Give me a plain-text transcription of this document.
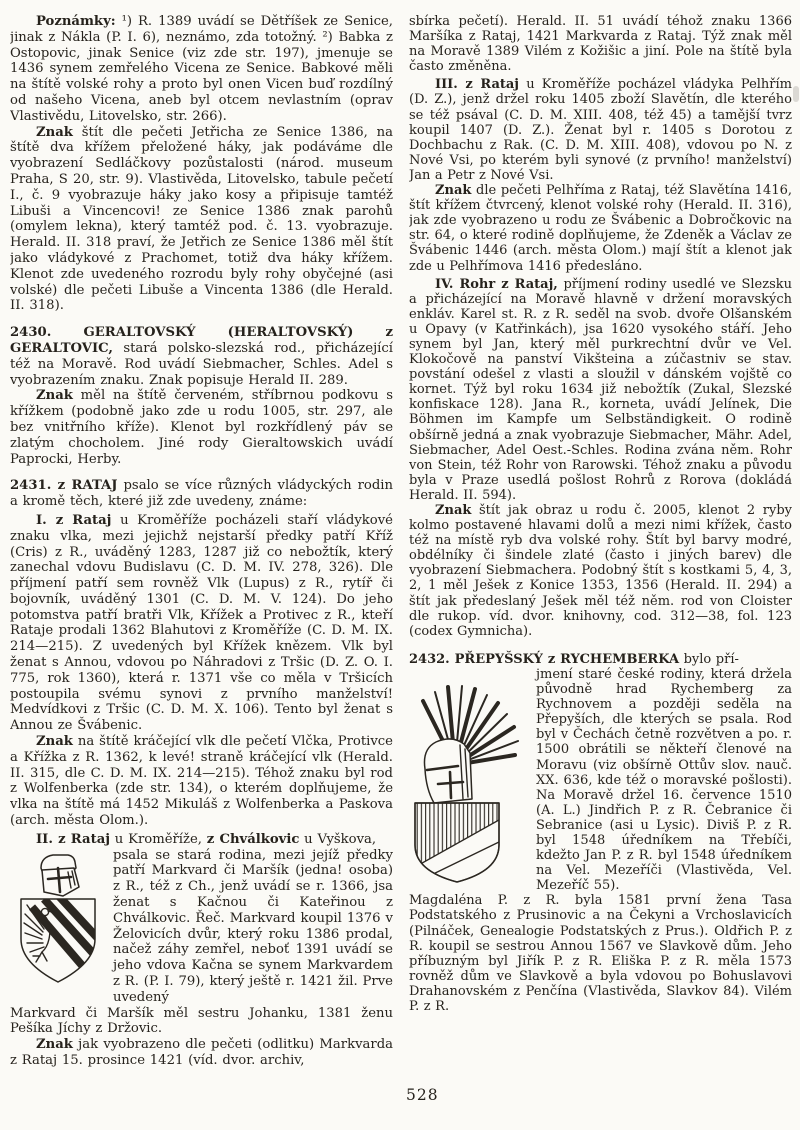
Poznámky: ¹) R. 1389 uvádí se Dětříšek ze Senice, jinak z Nákla (P. I. 6), neznámo, zda totožný. ²) Babka z Ostopovic, jinak Senice (viz zde str. 197), jmenuje se 1436 synem zemřelého Vicena ze Senice. Babkové měli na štítě volské rohy a proto byl onen Vicen buď rozdílný od našeho Vicena, aneb byl otcem nevlastním (oprav Vlastivědu, Litovelsko, str. 266).

Znak štít dle pečeti Jetřicha ze Senice 1386, na štítě dva křížem přeložené háky, jak podáváme dle vyobrazení Sedláčkovy pozůstalosti (národ. museum Praha, S 20, str. 9). Vlastivěda, Litovelsko, tabule pečetí I., č. 9 vyobrazuje háky jako kosy a připisuje tamtéž Libuši a Vincencovi! ze Senice 1386 znak parohů (omylem lekna), který tamtéž pod. č. 13. vyobrazuje. Herald. II. 318 praví, že Jetřich ze Senice 1386 měl štít jako vládykové z Prachomet, totiž dva háky křížem. Klenot zde uvedeného rozrodu byly rohy obyčejné (asi volské) dle pečeti Libuše a Vincenta 1386 (dle Herald. II. 318).

2430. GERALTOVSKÝ (HERALTOVSKÝ) z GERALTOVIC, stará polsko-slezská rod., přicházející též na Moravě. Rod uvádí Siebmacher, Schles. Adel s vyobrazením znaku. Znak popisuje Herald II. 289.

Znak měl na štítě červeném, stříbrnou podkovu s křížkem (podobně jako zde u rodu 1005, str. 297, ale bez vnitřního kříže). Klenot byl rozkřídlený páv se zlatým chocholem. Jiné rody Gieraltowskich uvádí Paprocki, Herby.

2431. z RATAJ psalo se více různých vládyckých rodin a kromě těch, které již zde uvedeny, známe:

I. z Rataj u Kroměříže pocházeli staří vládykové znaku vlka, mezi jejichž nejstarší předky patří Kříž (Cris) z R., uváděný 1283, 1287 již co nebožtík, který zanechal vdovu Budislavu (C. D. M. IV. 278, 326). Dle příjmení patří sem rovněž Vlk (Lupus) z R., rytíř či bojovník, uváděný 1301 (C. D. M. V. 124). Do jeho potomstva patří bratři Vlk, Křížek a Protivec z R., kteří Rataje prodali 1362 Blahutovi z Kroměříže (C. D. M. IX. 214—215). Z uvedených byl Křížek knězem. Vlk byl ženat s Annou, vdovou po Náhradovi z Tršic (D. Z. O. I. 775, rok 1360), která r. 1371 vše co měla v Tršicích postoupila svému synovi z prvního manželství! Medvídkovi z Tršic (C. D. M. X. 106). Tento byl ženat s Annou ze Švábenic.

Znak na štítě kráčející vlk dle pečetí Vlčka, Protivce a Křížka z R. 1362, k levé! straně kráčející vlk (Herald. II. 315, dle C. D. M. IX. 214—215). Téhož znaku byl rod z Wolfenberka (zde str. 134), o kterém doplňujeme, že vlka na štítě má 1452 Mikuláš z Wolfenberka a Paskova (arch. města Olom.).

II. z Rataj u Kroměříže, z Chválkovic u Vyškova,

psala se stará rodina, mezi jejíž předky patří Markvard či Maršík (jedna! osoba) z R., též z Ch., jenž uvádí se r. 1366, jsa ženat s Kačnou či Kateřinou z Chválkovic. Řeč. Markvard koupil 1376 v Želovicích dvůr, který roku 1386 prodal, načež záhy zemřel, neboť 1391 uvádí se jeho vdova Kačna se synem Markvardem z R. (P. I. 79), který ještě r. 1421 žil. Prve uvedený

Markvard či Maršík měl sestru Johanku, 1381 ženu Pešíka Jíchy z Držovic.

Znak jak vyobrazeno dle pečeti (odlitku) Markvarda z Rataj 15. prosince 1421 (víd. dvor. archiv,

sbírka pečetí). Herald. II. 51 uvádí téhož znaku 1366 Maršíka z Rataj, 1421 Markvarda z Rataj. Týž znak měl na Moravě 1389 Vilém z Kožišic a jiní. Pole na štítě byla často změněna.

III. z Rataj u Kroměříže pocházel vládyka Pelhřím (D. Z.), jenž držel roku 1405 zboží Slavětín, dle kterého se též psával (C. D. M. XIII. 408, též 45) a tamější tvrz koupil 1407 (D. Z.). Ženat byl r. 1405 s Dorotou z Dochbachu z Rak. (C. D. M. XIII. 408), vdovou po N. z Nové Vsi, po kterém byli synové (z prvního! manželství) Jan a Petr z Nové Vsi.

Znak dle pečeti Pelhříma z Rataj, též Slavětína 1416, štít křížem čtvrcený, klenot volské rohy (Herald. II. 316), jak zde vyobrazeno u rodu ze Švábenic a Dobročkovic na str. 64, o které rodině doplňujeme, že Zdeněk a Václav ze Švábenic 1446 (arch. města Olom.) mají štít a klenot jak zde u Pelhřímova 1416 předesláno.

IV. Rohr z Rataj, příjmení rodiny usedlé ve Slezsku a přicházející na Moravě hlavně v držení moravských enkláv. Karel st. R. z R. seděl na svob. dvoře Olšanském u Opavy (v Katřinkách), jsa 1620 vysokého stáří. Jeho synem byl Jan, který měl purkrechtní dvůr ve Vel. Klokočově na panství Vikšteina a zúčastniv se stav. povstání odešel z vlasti a sloužil v dánském vojště co kornet. Týž byl roku 1634 již nebožtík (Zukal, Slezské konfiskace 128). Jana R., korneta, uvádí Jelínek, Die Böhmen im Kampfe um Selbständigkeit. O rodině obšírně jedná a znak vyobrazuje Siebmacher, Mähr. Adel, Siebmacher, Adel Oest.-Schles. Rodina zvána něm. Rohr von Stein, též Rohr von Rarowski. Téhož znaku a původu byla v Praze usedlá pošlost Rohrů z Rorova (dokládá Herald. II. 594).

Znak štít jak obraz u rodu č. 2005, klenot 2 ryby kolmo postavené hlavami dolů a mezi nimi křížek, často též na místě ryb dva volské rohy. Štít byl barvy modré, obdélníky či šindele zlaté (často i jiných barev) dle vyobrazení Siebmachera. Podobný štít s kostkami 5, 4, 3, 2, 1 měl Ješek z Konice 1353, 1356 (Herald. II. 294) a štít jak předeslaný Ješek měl též něm. rod von Cloister dle rukop. víd. dvor. knihovny, cod. 312—38, fol. 123 (codex Gymnicha).

2432. PŘEPYŠSKÝ z RYCHEMBERKA bylo pří-

jmení staré české rodiny, která držela původně hrad Rychemberg za Rychnovem a později seděla na Přepyších, dle kterých se psala. Rod byl v Čechách četně rozvětven a po. r. 1500 obrátili se někteří členové na Moravu (viz obšírně Ottův slov. nauč. XX. 636, kde též o moravské pošlosti). Na Moravě držel 16. července 1510 (A. L.) Jindřich P. z R. Čebranice či Sebranice (asi u Lysic). Diviš P. z R. byl 1548 úředníkem na Třebíči, kdežto Jan P. z R. byl 1548 úředníkem na Vel. Mezeříči (Vlastivěda, Vel. Mezeříč 55).

Magdaléna P. z R. byla 1581 první žena Tasa Podstatského z Prusinovic a na Čekyni a Vrchoslavicích (Pilnáček, Genealogie Podstatských z Prus.). Oldřich P. z R. koupil se sestrou Annou 1567 ve Slavkově dům. Jeho příbuzným byl Jiřík P. z R. Eliška P. z R. měla 1573 rovněž dům ve Slavkově a byla vdovou po Bohuslavovi Drahanovském z Penčína (Vlastivěda, Slavkov 84). Vilém P. z R.

528
